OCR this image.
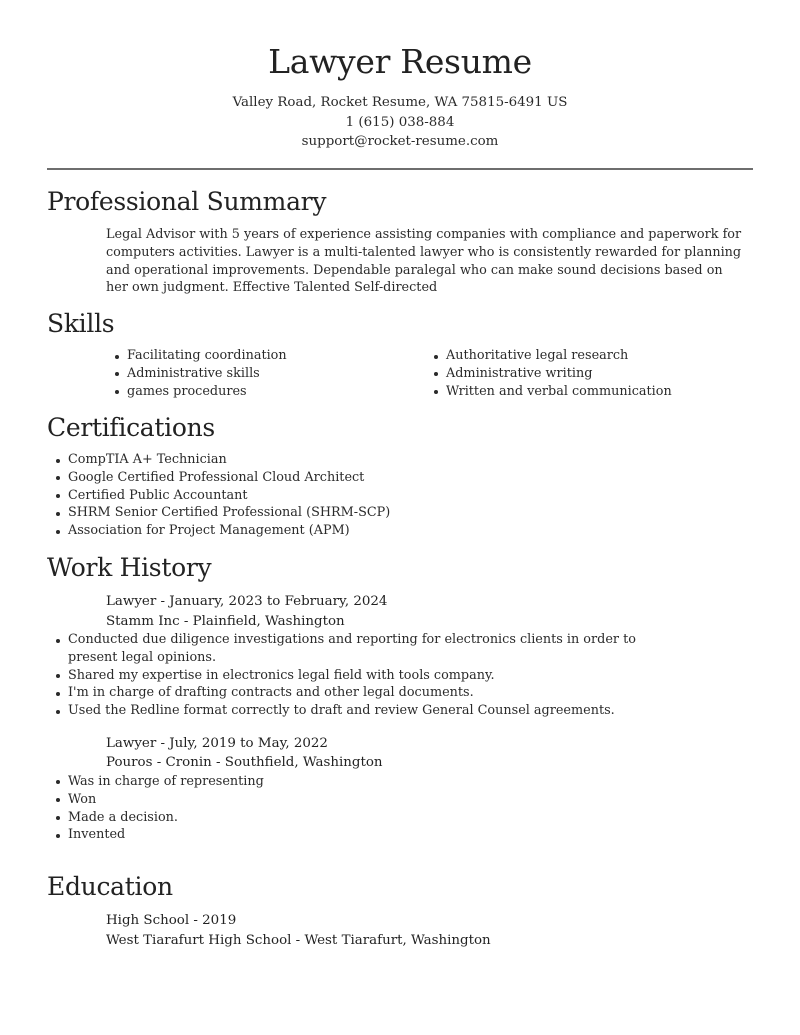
Lawyer Resume
Valley Road, Rocket Resume, WA 75815-6491 US
1 (615) 038-884
support@rocket-resume.com
Professional Summary
Legal Advisor with 5 years of experience assisting companies with compliance and paperwork for computers activities. Lawyer is a multi-talented lawyer who is consistently rewarded for planning and operational improvements. Dependable paralegal who can make sound decisions based on her own judgment. Effective Talented Self-directed
Skills
Facilitating coordination
Administrative skills
games procedures
Authoritative legal research
Administrative writing
Written and verbal communication
Certifications
CompTIA A+ Technician
Google Certified Professional Cloud Architect
Certified Public Accountant
SHRM Senior Certified Professional (SHRM-SCP)
Association for Project Management (APM)
Work History
Lawyer - January, 2023 to February, 2024
Stamm Inc - Plainfield, Washington
Conducted due diligence investigations and reporting for electronics clients in order to present legal opinions.
Shared my expertise in electronics legal field with tools company.
I'm in charge of drafting contracts and other legal documents.
Used the Redline format correctly to draft and review General Counsel agreements.
Lawyer - July, 2019 to May, 2022
Pouros - Cronin - Southfield, Washington
Was in charge of representing
Won
Made a decision.
Invented
Education
High School - 2019
West Tiarafurt High School - West Tiarafurt, Washington
